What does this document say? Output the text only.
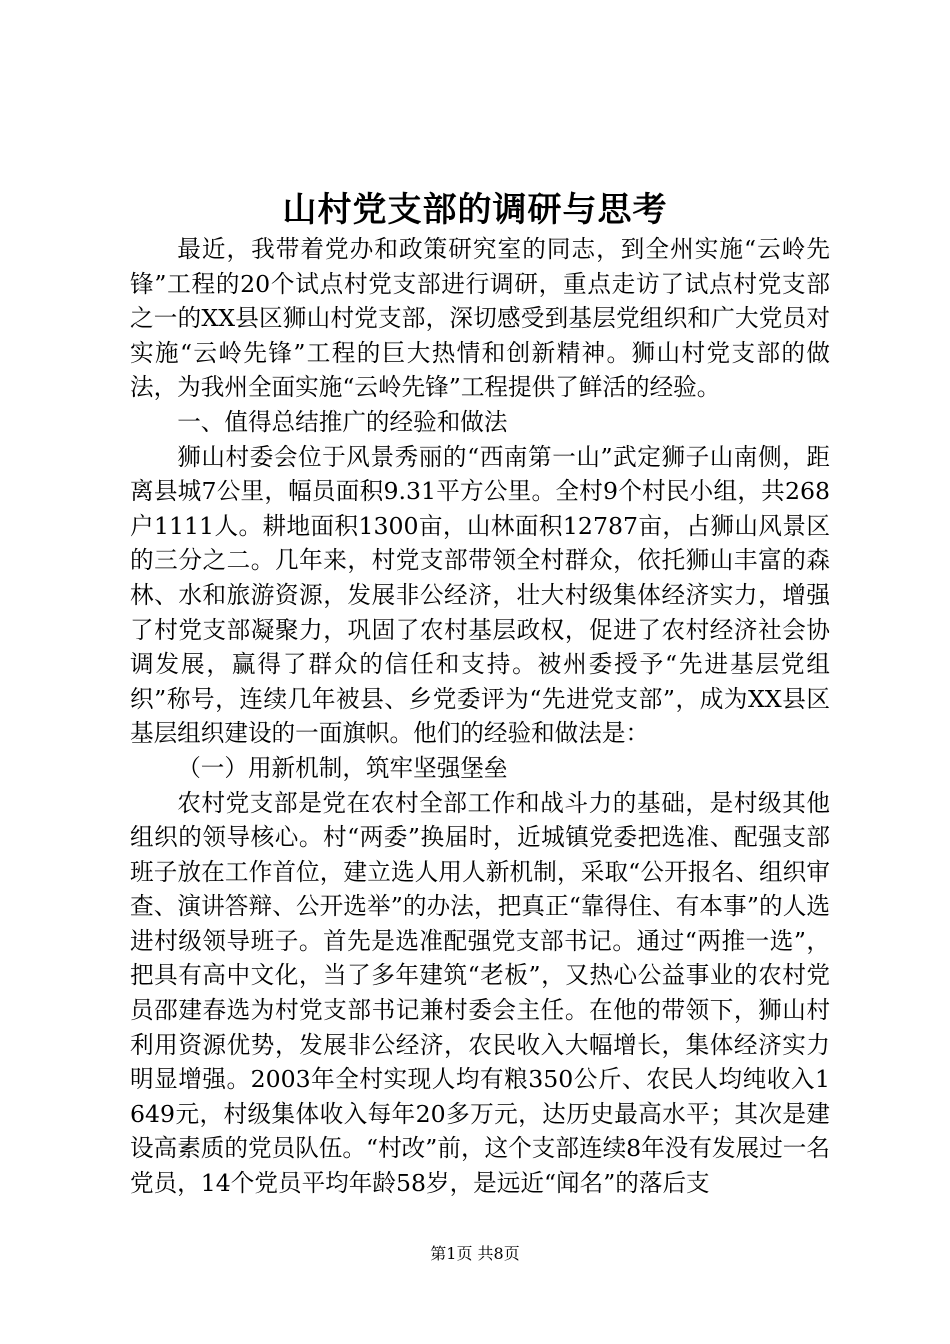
山村党支部的调研与思考

最近，我带着党办和政策研究室的同志，到全州实施“云岭先锋”工程的20个试点村党支部进行调研，重点走访了试点村党支部之一的XX县区狮山村党支部，深切感受到基层党组织和广大党员对实施“云岭先锋”工程的巨大热情和创新精神。狮山村党支部的做法，为我州全面实施“云岭先锋”工程提供了鲜活的经验。

一、值得总结推广的经验和做法

狮山村委会位于风景秀丽的“西南第一山”武定狮子山南侧，距离县城7公里，幅员面积9.31平方公里。全村9个村民小组，共268户1111人。耕地面积1300亩，山林面积12787亩，占狮山风景区的三分之二。几年来，村党支部带领全村群众，依托狮山丰富的森林、水和旅游资源，发展非公经济，壮大村级集体经济实力，增强了村党支部凝聚力，巩固了农村基层政权，促进了农村经济社会协调发展，赢得了群众的信任和支持。被州委授予“先进基层党组织”称号，连续几年被县、乡党委评为“先进党支部”，成为XX县区基层组织建设的一面旗帜。他们的经验和做法是：

（一）用新机制，筑牢坚强堡垒

农村党支部是党在农村全部工作和战斗力的基础，是村级其他组织的领导核心。村“两委”换届时，近城镇党委把选准、配强支部班子放在工作首位，建立选人用人新机制，采取“公开报名、组织审查、演讲答辩、公开选举”的办法，把真正“靠得住、有本事”的人选进村级领导班子。首先是选准配强党支部书记。通过“两推一选”，把具有高中文化，当了多年建筑“老板”，又热心公益事业的农村党员邵建春选为村党支部书记兼村委会主任。在他的带领下，狮山村利用资源优势，发展非公经济，农民收入大幅增长，集体经济实力明显增强。2003年全村实现人均有粮350公斤、农民人均纯收入1649元，村级集体收入每年20多万元，达历史最高水平；其次是建设高素质的党员队伍。“村改”前，这个支部连续8年没有发展过一名党员，14个党员平均年龄58岁，是远近“闻名”的落后支

第1页 共8页
